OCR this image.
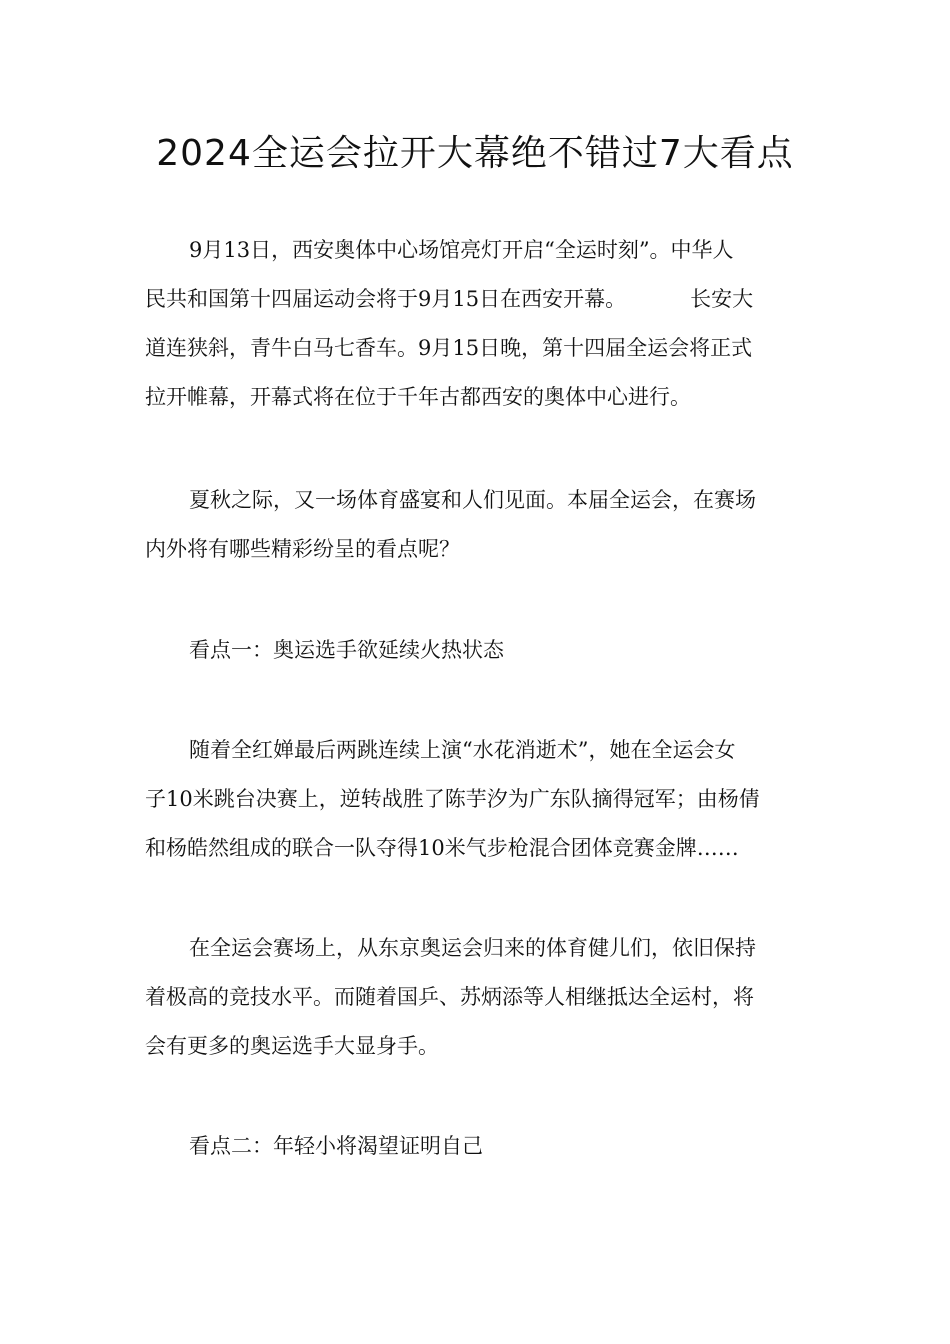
2024全运会拉开大幕绝不错过7大看点
9月13日，西安奥体中心场馆亮灯开启“全运时刻”。中华人
民共和国第十四届运动会将于9月15日在西安开幕。	长安大
道连狭斜，青牛白马七香车。9月15日晚，第十四届全运会将正式
拉开帷幕，开幕式将在位于千年古都西安的奥体中心进行。
夏秋之际，又一场体育盛宴和人们见面。本届全运会，在赛场
内外将有哪些精彩纷呈的看点呢？
看点一：奥运选手欲延续火热状态
随着全红婵最后两跳连续上演“水花消逝术”，她在全运会女
子10米跳台决赛上，逆转战胜了陈芋汐为广东队摘得冠军；由杨倩
和杨皓然组成的联合一队夺得10米气步枪混合团体竞赛金牌……
在全运会赛场上，从东京奥运会归来的体育健儿们，依旧保持
着极高的竞技水平。而随着国乒、苏炳添等人相继抵达全运村，将
会有更多的奥运选手大显身手。
看点二：年轻小将渴望证明自己
